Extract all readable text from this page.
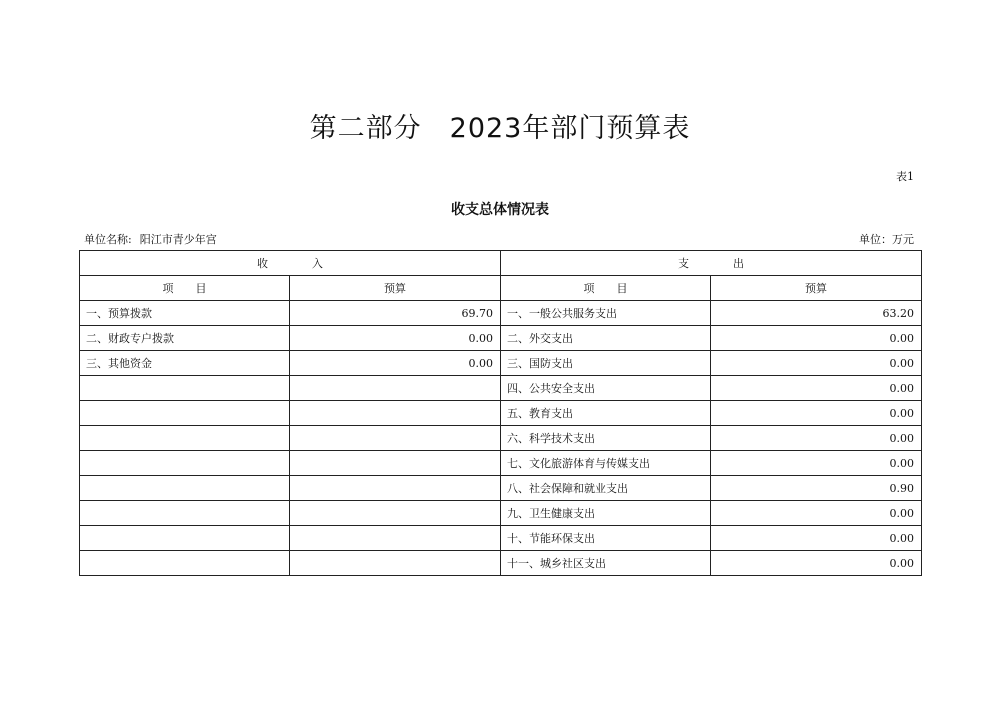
第二部分　2023年部门预算表
表1
收支总体情况表
单位名称: 阳江市青少年宫	单位：万元
收　　　　入		支　　　　出	
项　　目	预算	项　　目	预算
一、预算拨款	69.70	一、一般公共服务支出	63.20
二、财政专户拨款	0.00	二、外交支出	0.00
三、其他资金	0.00	三、国防支出	0.00
		四、公共安全支出	0.00
		五、教育支出	0.00
		六、科学技术支出	0.00
		七、文化旅游体育与传媒支出	0.00
		八、社会保障和就业支出	0.90
		九、卫生健康支出	0.00
		十、节能环保支出	0.00
		十一、城乡社区支出	0.00
